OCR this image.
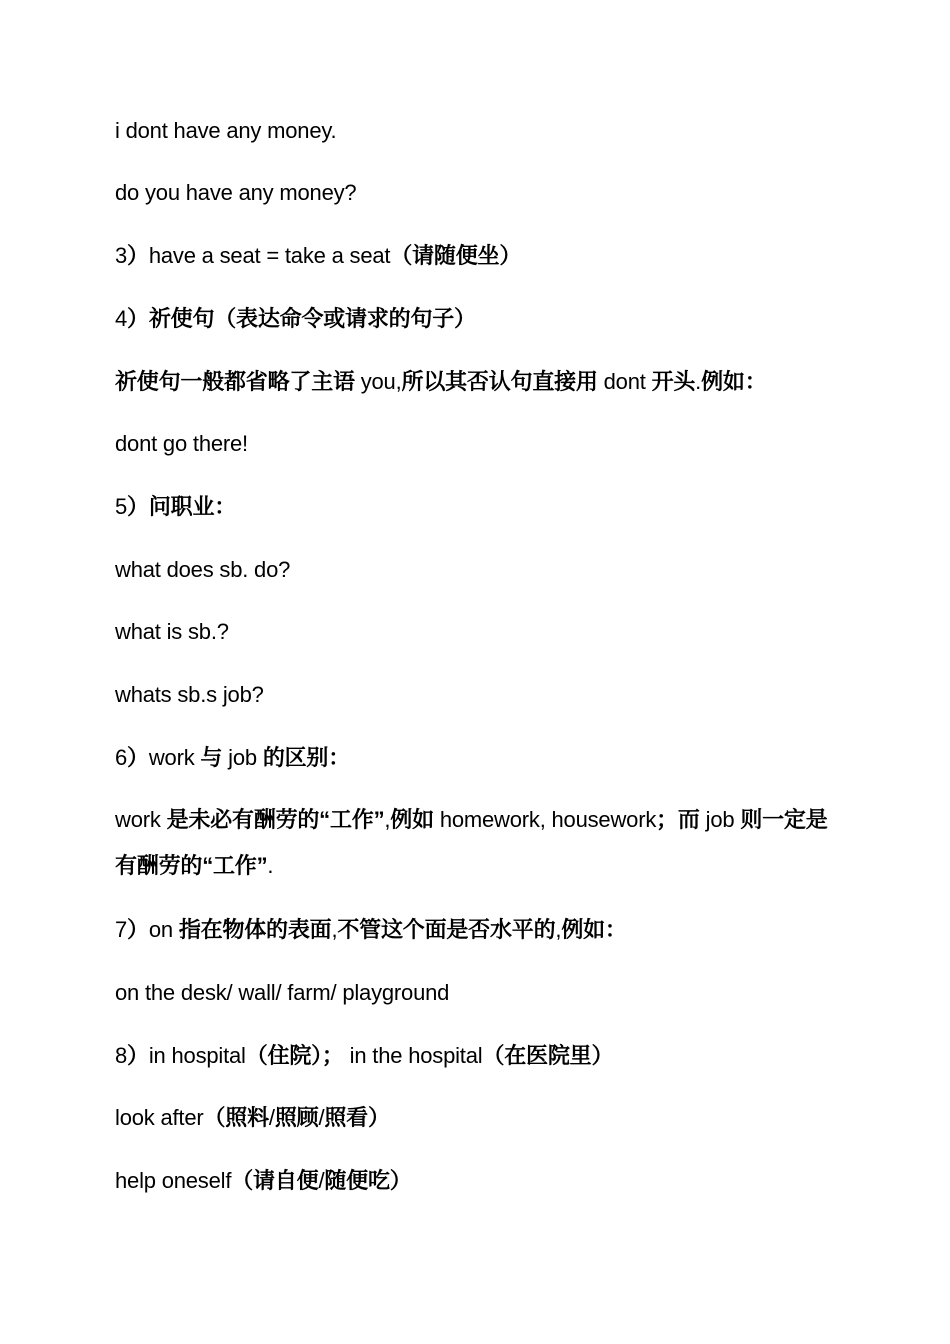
i dont have any money.
do you have any money?
3）have a seat = take a seat（请随便坐）
4）祈使句（表达命令或请求的句子）
祈使句一般都省略了主语 you,所以其否认句直接用 dont 开头.例如：
dont go there!
5）问职业：
what does sb. do?
what is sb.?
whats sb.s job?
6）work 与 job 的区别：
work 是未必有酬劳的“工作”,例如 homework, housework；而 job 则一定是有酬劳的“工作”.
7）on 指在物体的表面,不管这个面是否水平的,例如：
on the desk/ wall/ farm/ playground
8）in hospital（住院）； in the hospital（在医院里）
look after（照料/照顾/照看）
help oneself（请自便/随便吃）
